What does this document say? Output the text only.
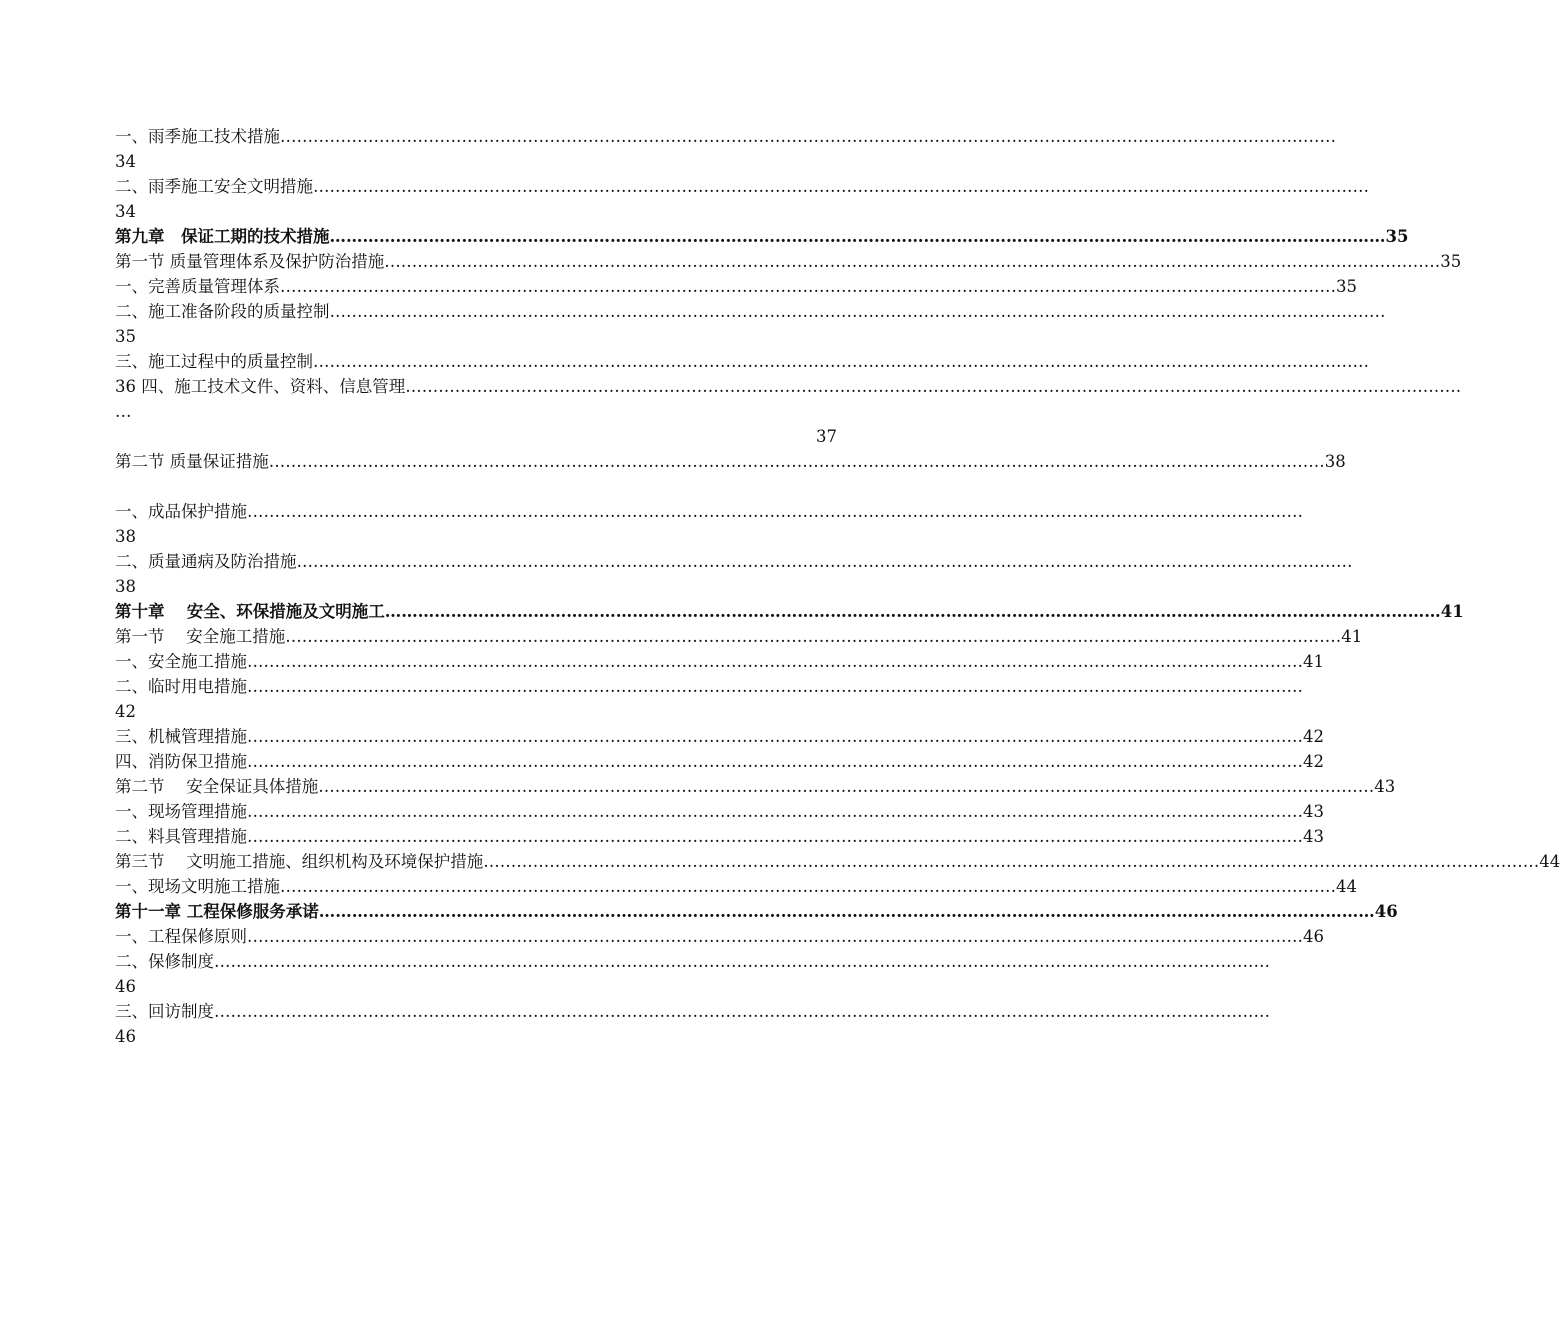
一、雨季施工技术措施 …………………………………………………………………………………………………………………………………………………………………………
34
二、雨季施工安全文明措施 …………………………………………………………………………………………………………………………………………………………………………
34
第九章　保证工期的技术措施 ………………………………………………………………………………………………………………………………………………………………………… 35
第一节 质量管理体系及保护防治措施 ………………………………………………………………………………………………………………………………………………………………………… 35
一、完善质量管理体系 ………………………………………………………………………………………………………………………………………………………………………… 35
二、施工准备阶段的质量控制 …………………………………………………………………………………………………………………………………………………………………………
35
三、施工过程中的质量控制 …………………………………………………………………………………………………………………………………………………………………………
36 四、施工技术文件、资料、信息管理 …………………………………………………………………………………………………………………………………………………………………………
…
37
第二节 质量保证措施 ………………………………………………………………………………………………………………………………………………………………………… 38
一、成品保护措施 …………………………………………………………………………………………………………………………………………………………………………
38
二、质量通病及防治措施 …………………………………………………………………………………………………………………………………………………………………………
38
第十章　 安全、环保措施及文明施工 ………………………………………………………………………………………………………………………………………………………………………… 41
第一节　 安全施工措施 ………………………………………………………………………………………………………………………………………………………………………… 41
一、安全施工措施 ………………………………………………………………………………………………………………………………………………………………………… 41
二、临时用电措施 …………………………………………………………………………………………………………………………………………………………………………
42
三、机械管理措施 ………………………………………………………………………………………………………………………………………………………………………… 42
四、消防保卫措施 ………………………………………………………………………………………………………………………………………………………………………… 42
第二节　 安全保证具体措施 ………………………………………………………………………………………………………………………………………………………………………… 43
一、现场管理措施 ………………………………………………………………………………………………………………………………………………………………………… 43
二、料具管理措施 ………………………………………………………………………………………………………………………………………………………………………… 43
第三节　 文明施工措施、组织机构及环境保护措施 ………………………………………………………………………………………………………………………………………………………………………… 44
一、现场文明施工措施 ………………………………………………………………………………………………………………………………………………………………………… 44
第十一章 工程保修服务承诺 ………………………………………………………………………………………………………………………………………………………………………… 46
一、工程保修原则 ………………………………………………………………………………………………………………………………………………………………………… 46
二、保修制度 …………………………………………………………………………………………………………………………………………………………………………
46
三、回访制度 …………………………………………………………………………………………………………………………………………………………………………
46
